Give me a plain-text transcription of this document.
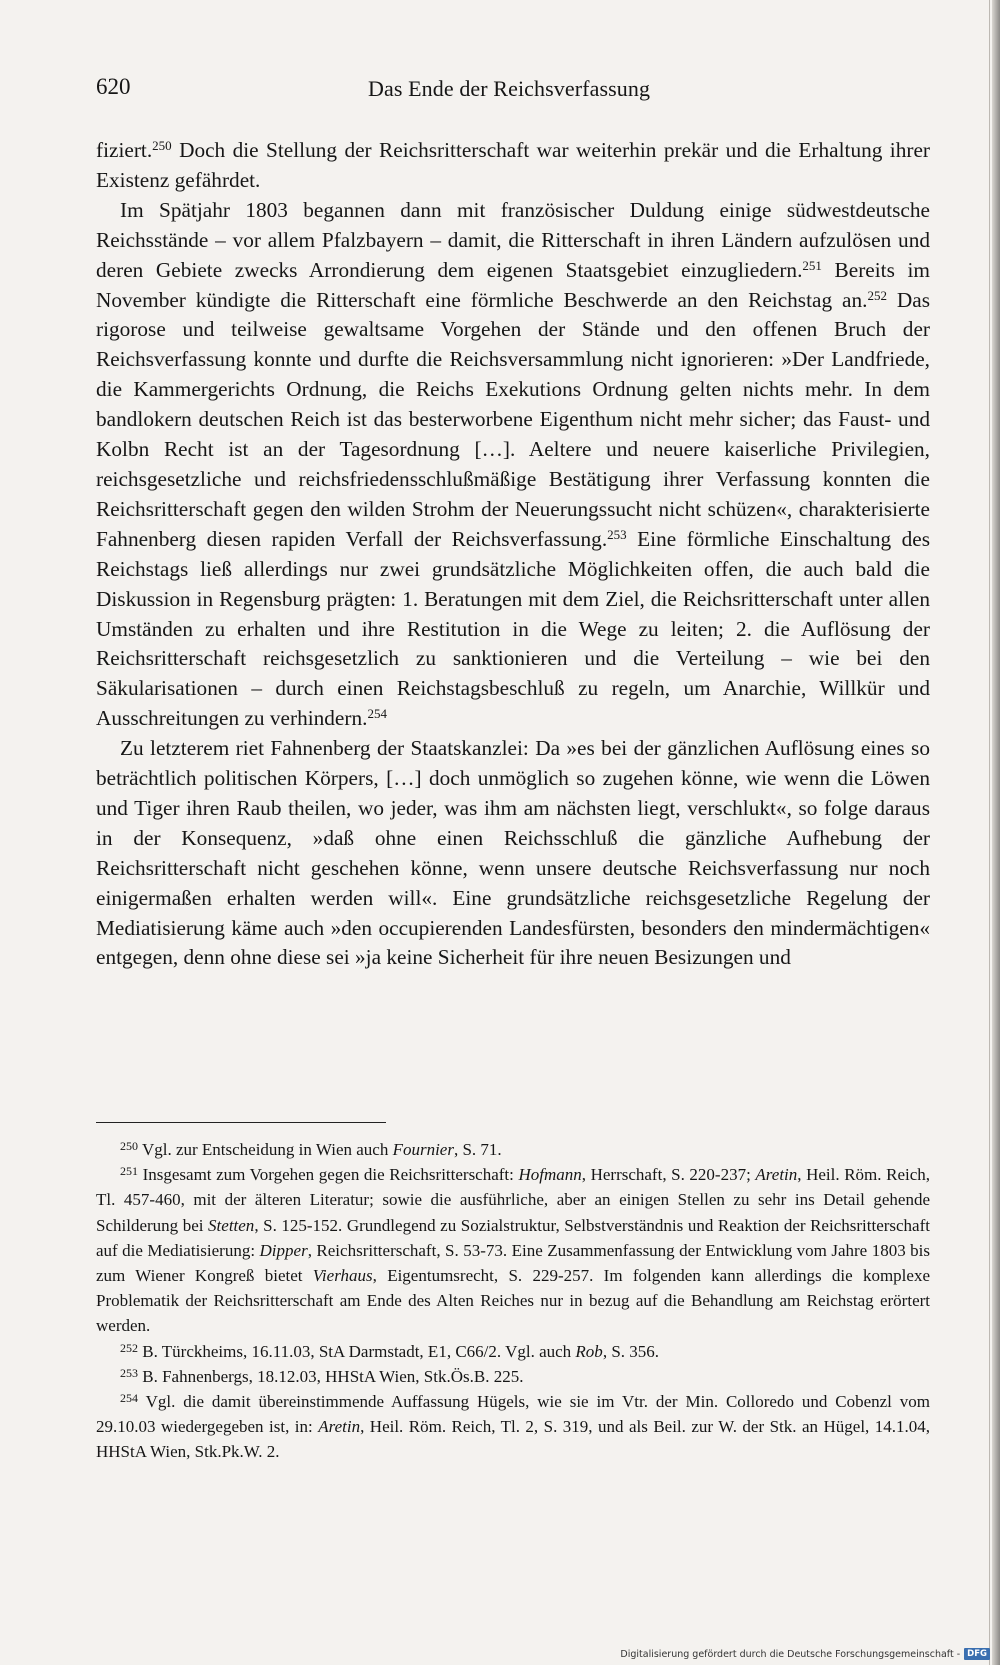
620	Das Ende der Reichsverfassung

fiziert.$^{250}$ Doch die Stellung der Reichsritterschaft war weiterhin prekär und die Erhaltung ihrer Existenz gefährdet.

Im Spätjahr 1803 begannen dann mit französischer Duldung einige südwestdeutsche Reichsstände – vor allem Pfalzbayern – damit, die Ritterschaft in ihren Ländern aufzulösen und deren Gebiete zwecks Arrondierung dem eigenen Staatsgebiet einzugliedern.$^{251}$ Bereits im November kündigte die Ritterschaft eine förmliche Beschwerde an den Reichstag an.$^{252}$ Das rigorose und teilweise gewaltsame Vorgehen der Stände und den offenen Bruch der Reichsverfassung konnte und durfte die Reichsversammlung nicht ignorieren: »Der Landfriede, die Kammergerichts Ordnung, die Reichs Exekutions Ordnung gelten nichts mehr. In dem bandlokern deutschen Reich ist das besterworbene Eigenthum nicht mehr sicher; das Faust- und Kolbn Recht ist an der Tagesordnung […]. Aeltere und neuere kaiserliche Privilegien, reichsgesetzliche und reichsfriedensschlußmäßige Bestätigung ihrer Verfassung konnten die Reichsritterschaft gegen den wilden Strohm der Neuerungssucht nicht schüzen«, charakterisierte Fahnenberg diesen rapiden Verfall der Reichsverfassung.$^{253}$ Eine förmliche Einschaltung des Reichstags ließ allerdings nur zwei grundsätzliche Möglichkeiten offen, die auch bald die Diskussion in Regensburg prägten: 1. Beratungen mit dem Ziel, die Reichsritterschaft unter allen Umständen zu erhalten und ihre Restitution in die Wege zu leiten; 2. die Auflösung der Reichsritterschaft reichsgesetzlich zu sanktionieren und die Verteilung – wie bei den Säkularisationen – durch einen Reichstagsbeschluß zu regeln, um Anarchie, Willkür und Ausschreitungen zu verhindern.$^{254}$

Zu letzterem riet Fahnenberg der Staatskanzlei: Da »es bei der gänzlichen Auflösung eines so beträchtlich politischen Körpers, […] doch unmöglich so zugehen könne, wie wenn die Löwen und Tiger ihren Raub theilen, wo jeder, was ihm am nächsten liegt, verschlukt«, so folge daraus in der Konsequenz, »daß ohne einen Reichsschluß die gänzliche Aufhebung der Reichsritterschaft nicht geschehen könne, wenn unsere deutsche Reichsverfassung nur noch einigermaßen erhalten werden will«. Eine grundsätzliche reichsgesetzliche Regelung der Mediatisierung käme auch »den occupierenden Landesfürsten, besonders den mindermächtigen« entgegen, denn ohne diese sei »ja keine Sicherheit für ihre neuen Besizungen und

$^{250}$ Vgl. zur Entscheidung in Wien auch Fournier, S. 71.

$^{251}$ Insgesamt zum Vorgehen gegen die Reichsritterschaft: Hofmann, Herrschaft, S. 220-237; Aretin, Heil. Röm. Reich, Tl. 457-460, mit der älteren Literatur; sowie die ausführliche, aber an einigen Stellen zu sehr ins Detail gehende Schilderung bei Stetten, S. 125-152. Grundlegend zu Sozialstruktur, Selbstverständnis und Reaktion der Reichsritterschaft auf die Mediatisierung: Dipper, Reichsritterschaft, S. 53-73. Eine Zusammenfassung der Entwicklung vom Jahre 1803 bis zum Wiener Kongreß bietet Vierhaus, Eigentumsrecht, S. 229-257. Im folgenden kann allerdings die komplexe Problematik der Reichsritterschaft am Ende des Alten Reiches nur in bezug auf die Behandlung am Reichstag erörtert werden.

$^{252}$ B. Türckheims, 16.11.03, StA Darmstadt, E1, C66/2. Vgl. auch Rob, S. 356.

$^{253}$ B. Fahnenbergs, 18.12.03, HHStA Wien, Stk.Ös.B. 225.

$^{254}$ Vgl. die damit übereinstimmende Auffassung Hügels, wie sie im Vtr. der Min. Colloredo und Cobenzl vom 29.10.03 wiedergegeben ist, in: Aretin, Heil. Röm. Reich, Tl. 2, S. 319, und als Beil. zur W. der Stk. an Hügel, 14.1.04, HHStA Wien, Stk.Pk.W. 2.

Digitalisierung gefördert durch die Deutsche Forschungsgemeinschaft - DFG
